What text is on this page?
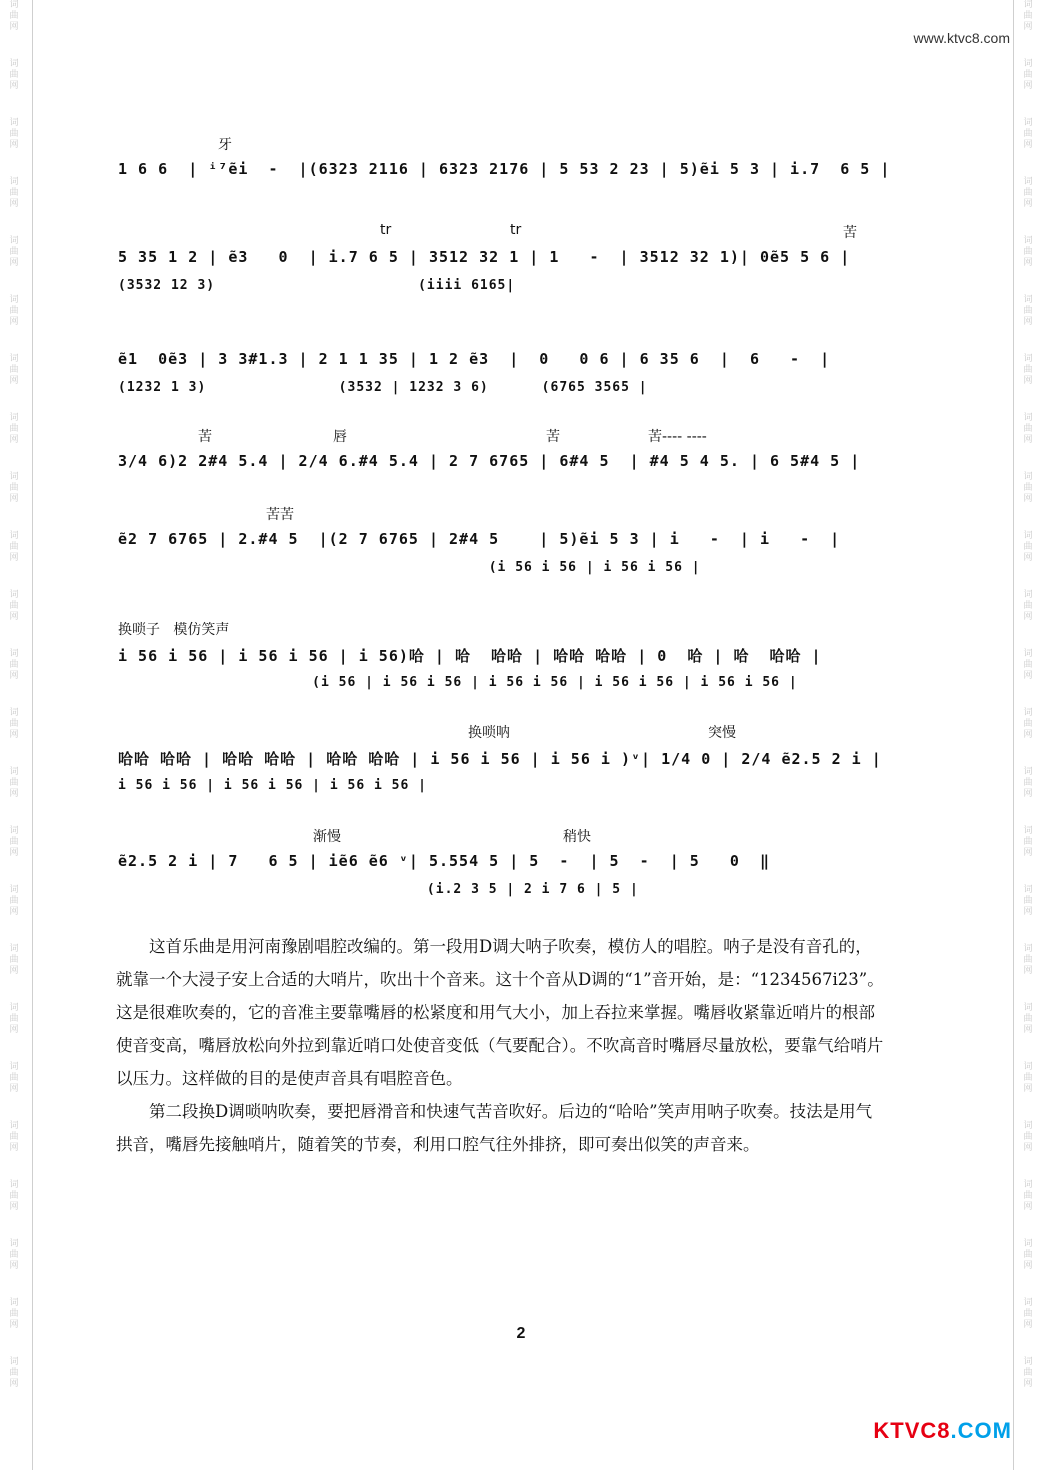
词
曲
网
词
曲
网
词
曲
网
词
曲
网
词
曲
网
词
曲
网
词
曲
网
词
曲
网
词
曲
网
词
曲
网
词
曲
网
词
曲
网
词
曲
网
词
曲
网
词
曲
网
词
曲
网
词
曲
网
词
曲
网
词
曲
网
词
曲
网
词
曲
网
词
曲
网
词
曲
网
词
曲
网
词
曲
网
词
曲
网
词
曲
网
词
曲
网
词
曲
网
词
曲
网
词
曲
网
词
曲
网
词
曲
网
词
曲
网
词
曲
网
词
曲
网
词
曲
网
词
曲
网
词
曲
网
词
曲
网
词
曲
网
词
曲
网
词
曲
网
词
曲
网
词
曲
网
词
曲
网
词
曲
网
词
曲
网
www.ktvc8.com
牙
1 6 6  | ⁱ⁷ẽi  -  |(6323 2116 | 6323 2176 | 5 53 2 23 | 5)ẽi 5 3 | i.7  6 5 |
tr	tr	苦
5 35 1 2 | ẽ3   0  | i.7 6 5 | 3512 32 1 | 1   -  | 3512 32 1)| 0ẽ5 5 6 |
(3532 12 3)                       (iiii 6165|
ẽ1  0ẽ3 | 3 3#1.3 | 2 1 1 35 | 1 2 ẽ3  |  0   0 6 | 6 35 6  |  6   -  |
(1232 1 3)               (3532 | 1232 3 6)      (6765 3565 |
苦	唇	苦	苦---- ----
3/4 6)2 2#4 5.4 | 2/4 6.#4 5.4 | 2 7 6765 | 6#4 5  | #4 5 4 5. | 6 5#4 5 |
苦苦
ẽ2 7 6765 | 2.#4 5  |(2 7 6765 | 2#4 5    | 5)ẽi 5 3 | i   -  | i   -  |
(i 56 i 56 | i 56 i 56 |
换唢子   模仿笑声
i 56 i 56 | i 56 i 56 | i 56)哈 | 哈  哈哈 | 哈哈 哈哈 | 0  哈 | 哈  哈哈 |
(i 56 | i 56 i 56 | i 56 i 56 | i 56 i 56 | i 56 i 56 |
换唢呐	突慢
哈哈 哈哈 | 哈哈 哈哈 | 哈哈 哈哈 | i 56 i 56 | i 56 i )ᵛ| 1/4 0 | 2/4 ẽ2.5 2 i |
i 56 i 56 | i 56 i 56 | i 56 i 56 |
渐慢	稍快
ẽ2.5 2 i | 7   6 5 | iẽ6 ẽ6 ᵛ| 5.554 5 | 5  -  | 5  -  | 5   0  ‖
(i.2 3 5 | 2 i 7 6 | 5 |

这首乐曲是用河南豫剧唱腔改编的。第一段用D调大呐子吹奏，模仿人的唱腔。呐子是没有音孔的，就靠一个大浸子安上合适的大哨片，吹出十个音来。这十个音从D调的“1”音开始，是：“1234567i2̇3̇”。这是很难吹奏的，它的音准主要靠嘴唇的松紧度和用气大小，加上吞拉来掌握。嘴唇收紧靠近哨片的根部使音变高，嘴唇放松向外拉到靠近哨口处使音变低（气要配合）。不吹高音时嘴唇尽量放松，要靠气给哨片以压力。这样做的目的是使声音具有唱腔音色。

第二段换D调唢呐吹奏，要把唇滑音和快速气苦音吹好。后边的“哈哈”笑声用呐子吹奏。技法是用气拱音，嘴唇先接触哨片，随着笑的节奏，利用口腔气往外排挤，即可奏出似笑的声音来。

2
KTVC8.COM
